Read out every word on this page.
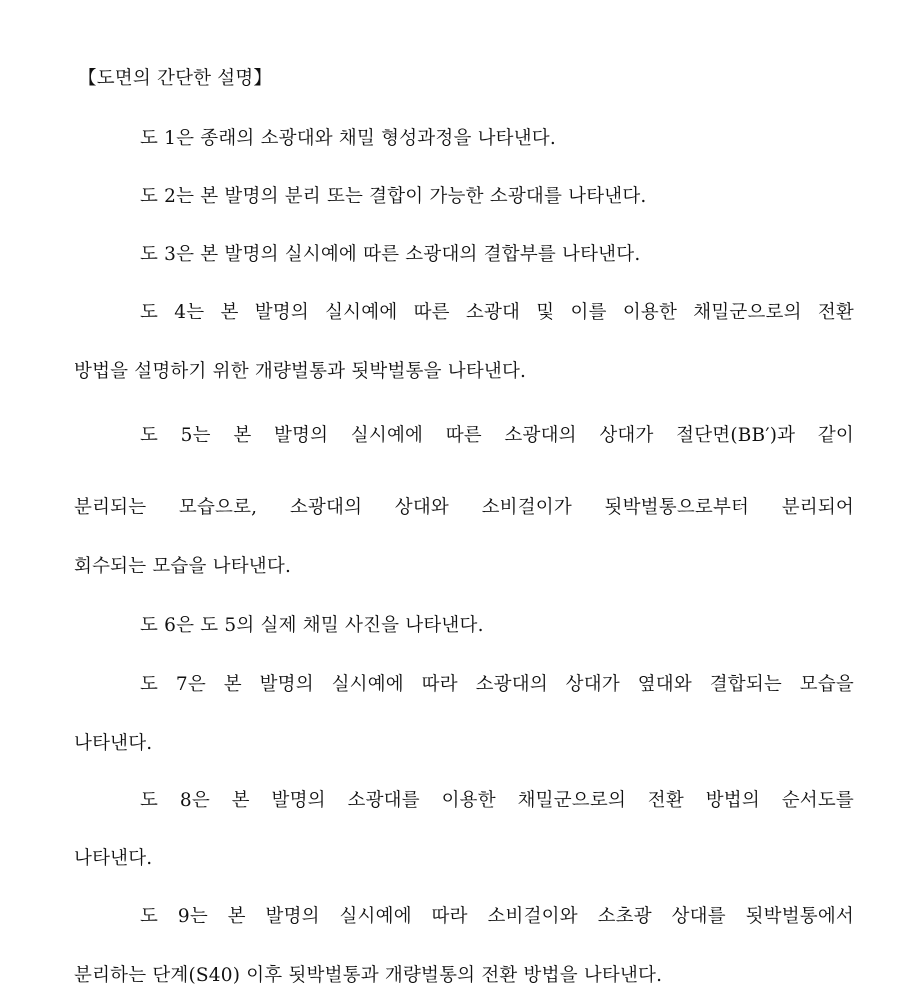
【도면의 간단한 설명】
도 1은 종래의 소광대와 채밀 형성과정을 나타낸다.
도 2는 본 발명의 분리 또는 결합이 가능한 소광대를 나타낸다.
도 3은 본 발명의 실시예에 따른 소광대의 결합부를 나타낸다.
도 4는 본 발명의 실시예에 따른 소광대 및 이를 이용한 채밀군으로의 전환
방법을 설명하기 위한 개량벌통과 됫박벌통을 나타낸다.
도 5는 본 발명의 실시예에 따른 소광대의 상대가 절단면(BB′)과 같이
분리되는 모습으로, 소광대의 상대와 소비걸이가 됫박벌통으로부터 분리되어
회수되는 모습을 나타낸다.
도 6은 도 5의 실제 채밀 사진을 나타낸다.
도 7은 본 발명의 실시예에 따라 소광대의 상대가 옆대와 결합되는 모습을
나타낸다.
도 8은 본 발명의 소광대를 이용한 채밀군으로의 전환 방법의 순서도를
나타낸다.
도 9는 본 발명의 실시예에 따라 소비걸이와 소초광 상대를 됫박벌통에서
분리하는 단계(S40) 이후 됫박벌통과 개량벌통의 전환 방법을 나타낸다.
